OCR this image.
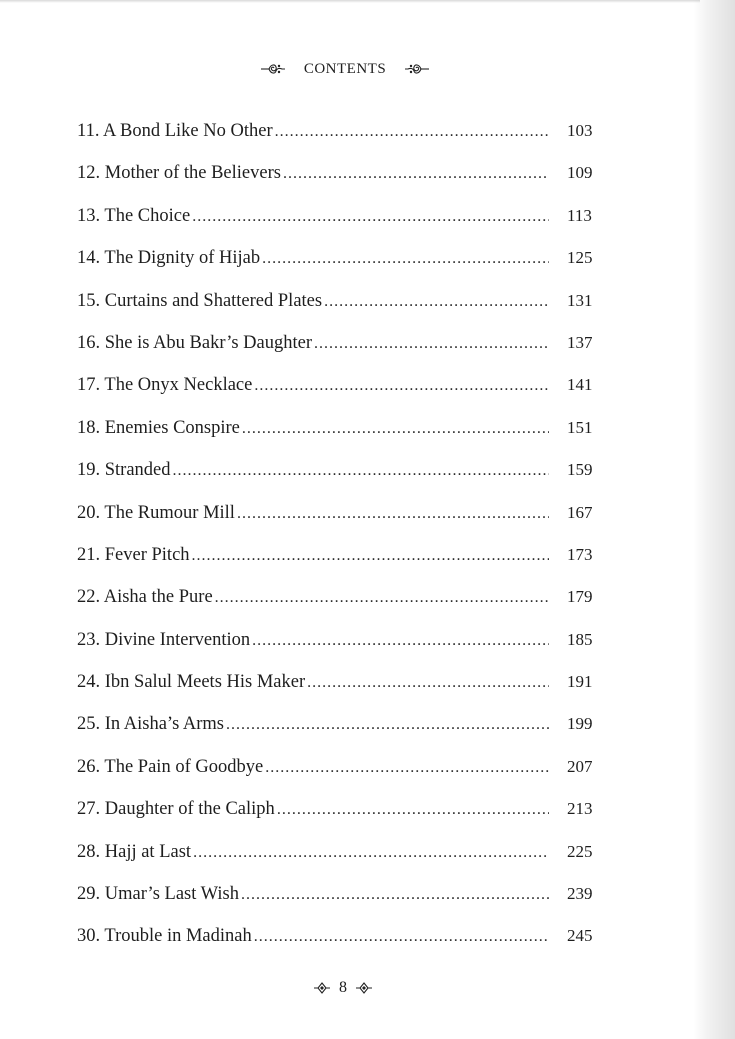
CONTENTS
11. A Bond Like No Other .....	103
12. Mother of the Believers .....	109
13. The Choice .....	113
14. The Dignity of Hijab .....	125
15. Curtains and Shattered Plates .....	131
16. She is Abu Bakr’s Daughter .....	137
17. The Onyx Necklace .....	141
18. Enemies Conspire .....	151
19. Stranded .....	159
20. The Rumour Mill .....	167
21. Fever Pitch .....	173
22. Aisha the Pure .....	179
23. Divine Intervention .....	185
24. Ibn Salul Meets His Maker .....	191
25. In Aisha’s Arms .....	199
26. The Pain of Goodbye .....	207
27. Daughter of the Caliph .....	213
28. Hajj at Last .....	225
29. Umar’s Last Wish .....	239
30. Trouble in Madinah .....	245
8
